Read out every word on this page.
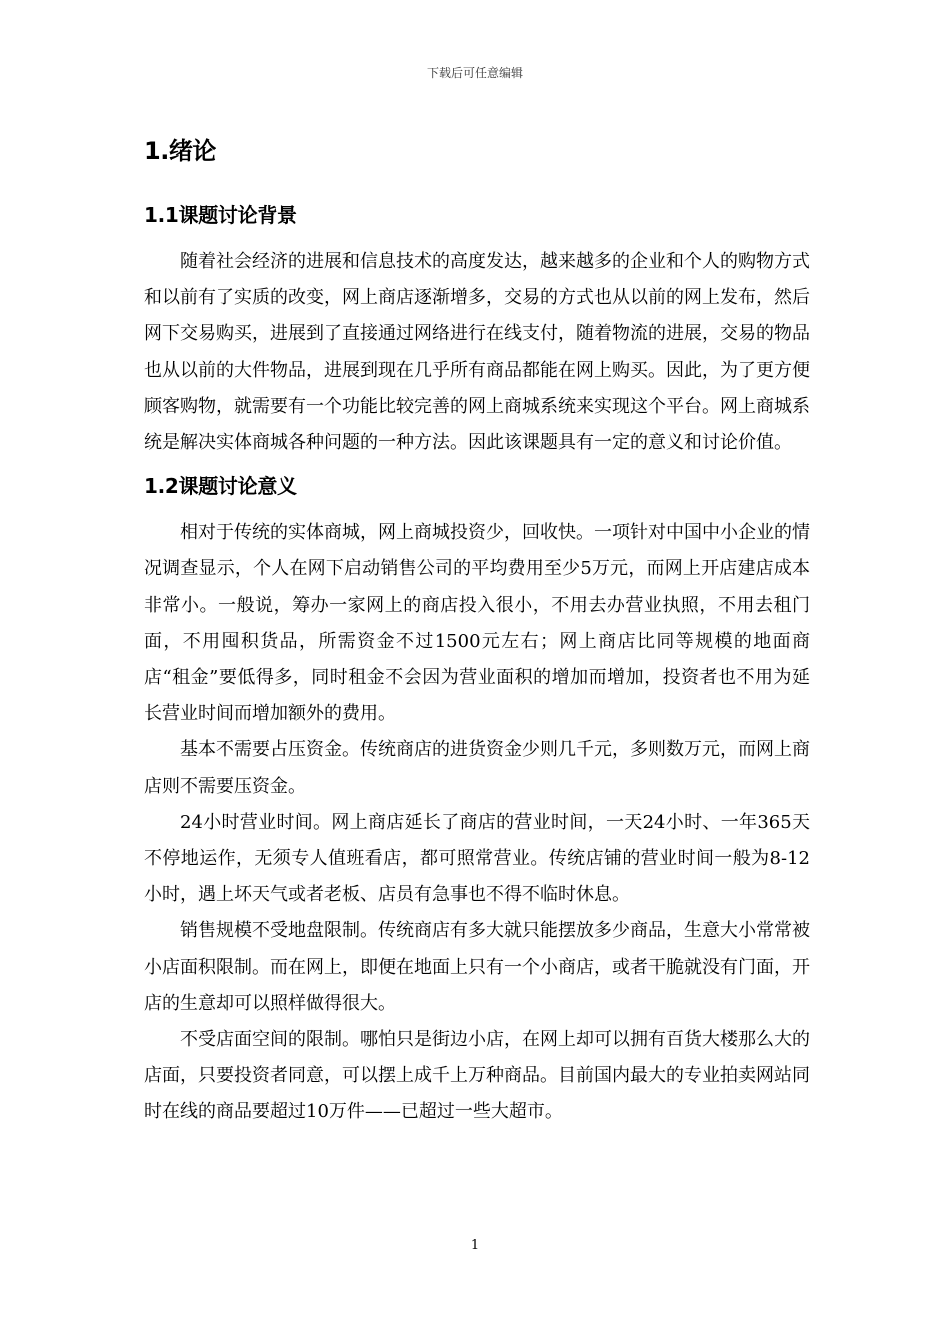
下载后可任意编辑
1.绪论
1.1课题讨论背景

随着社会经济的进展和信息技术的高度发达，越来越多的企业和个人的购物方式和以前有了实质的改变，网上商店逐渐增多，交易的方式也从以前的网上发布，然后网下交易购买，进展到了直接通过网络进行在线支付，随着物流的进展，交易的物品也从以前的大件物品，进展到现在几乎所有商品都能在网上购买。因此，为了更方便顾客购物，就需要有一个功能比较完善的网上商城系统来实现这个平台。网上商城系统是解决实体商城各种问题的一种方法。因此该课题具有一定的意义和讨论价值。

1.2课题讨论意义

相对于传统的实体商城，网上商城投资少，回收快。一项针对中国中小企业的情况调查显示，个人在网下启动销售公司的平均费用至少5万元，而网上开店建店成本非常小。一般说，筹办一家网上的商店投入很小，不用去办营业执照，不用去租门面，不用囤积货品，所需资金不过1500元左右；网上商店比同等规模的地面商店“租金”要低得多，同时租金不会因为营业面积的增加而增加，投资者也不用为延长营业时间而增加额外的费用。

基本不需要占压资金。传统商店的进货资金少则几千元，多则数万元，而网上商店则不需要压资金。

24小时营业时间。网上商店延长了商店的营业时间，一天24小时、一年365天不停地运作，无须专人值班看店，都可照常营业。传统店铺的营业时间一般为8-12小时，遇上坏天气或者老板、店员有急事也不得不临时休息。

销售规模不受地盘限制。传统商店有多大就只能摆放多少商品，生意大小常常被小店面积限制。而在网上，即便在地面上只有一个小商店，或者干脆就没有门面，开店的生意却可以照样做得很大。

不受店面空间的限制。哪怕只是街边小店，在网上却可以拥有百货大楼那么大的店面，只要投资者同意，可以摆上成千上万种商品。目前国内最大的专业拍卖网站同时在线的商品要超过10万件——已超过一些大超市。

1
